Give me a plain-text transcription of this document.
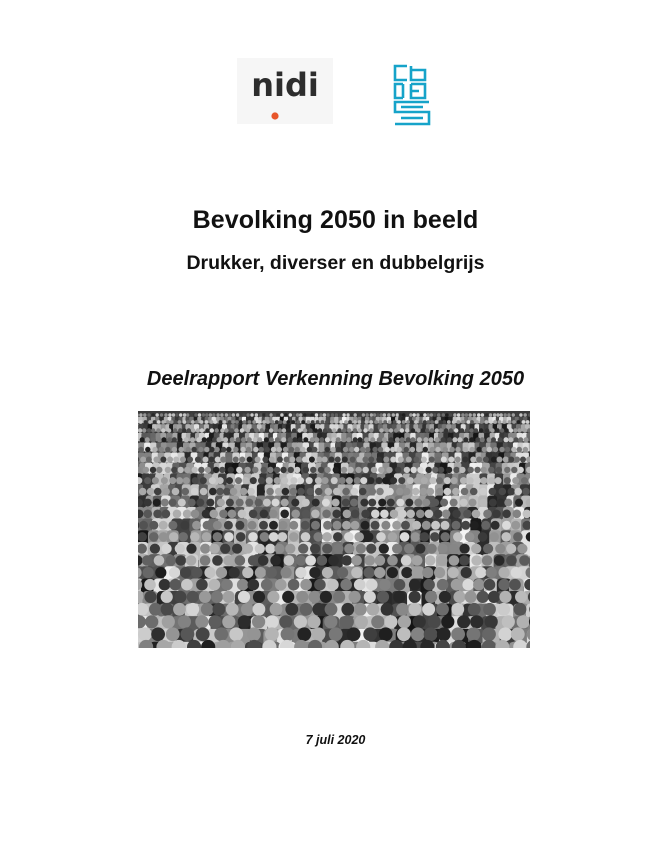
nidi
Bevolking 2050 in beeld
Drukker, diverser en dubbelgrijs
Deelrapport Verkenning Bevolking 2050
7 juli 2020
